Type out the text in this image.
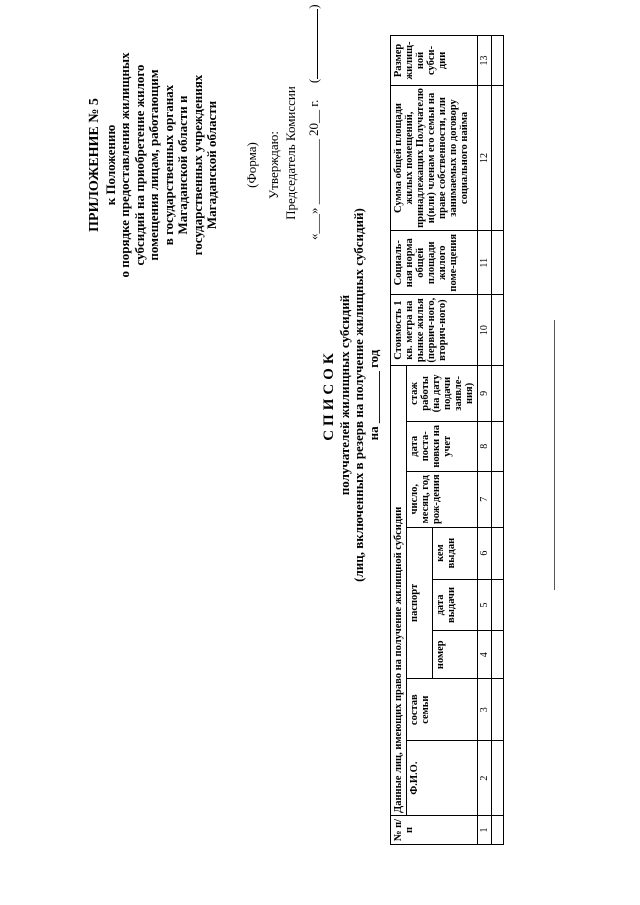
ПРИЛОЖЕНИЕ № 5 к Положению о порядке предоставления жилищных субсидий на приобретение жилого помещения лицам, работающим в государственных органах Магаданской области и государственных учреждениях Магаданской области (Форма) Утверждаю: Председатель Комиссии «___» __________ 20__ г.  ()
СПИСОК получателей жилищных субсидий (лиц, включенных в резерв на получение жилищных субсидий) на ________ год
№ п/п	Данные лиц, имеющих право на получение жилищной субсидии								Стоимость 1 кв. метра на рынке жилья (первич-ного, вторич-ного)	Социаль-ная норма общей площади жилого поме-щения	Сумма общей площади жилых помещений, принадлежащих Получателю и(или) членам его семьи на праве собственности, или занимаемых по договору социального найма	Размер жилищ-ной субси-дии
	Ф.И.О.	состав семьи	паспорт			число, месяц, год рож-дения	дата поста-новки на учет	стаж работы (на дату подачи заявле-ния)				
			номер	дата выдачи	кем выдан							
1	2	3	4	5	6	7	8	9	10	11	12	13
